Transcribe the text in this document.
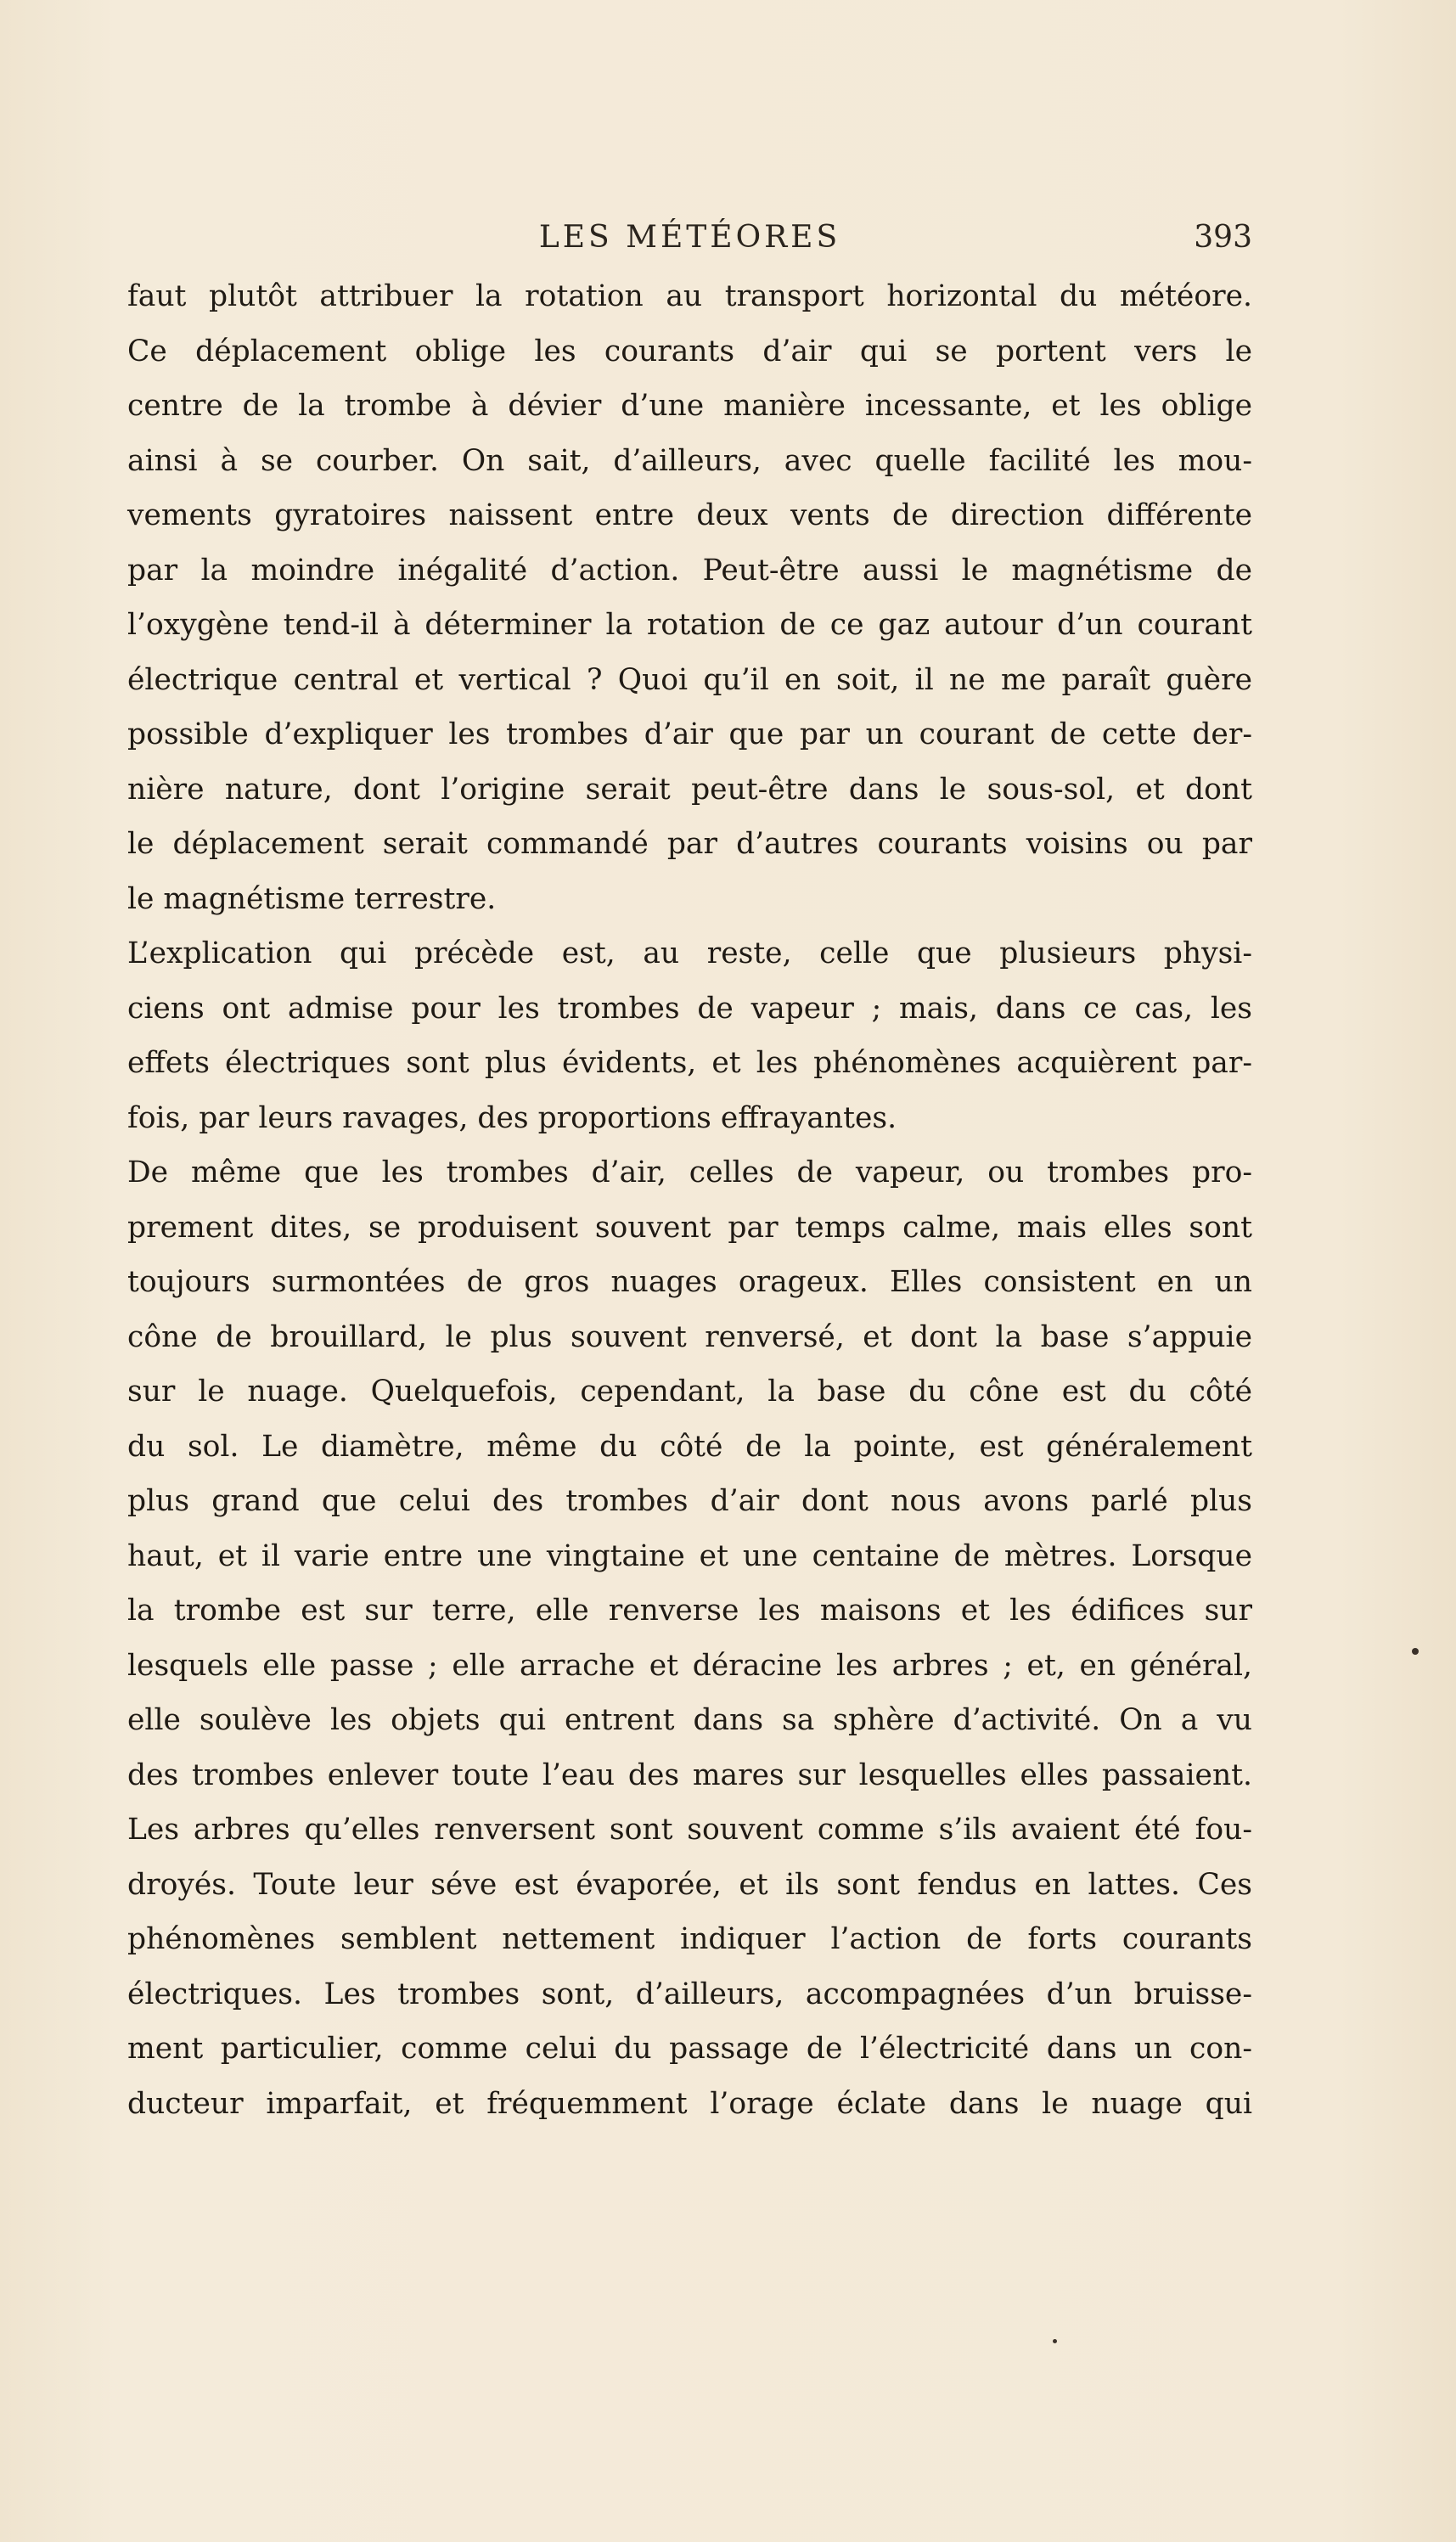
LES MÉTÉORES	393

faut plutôt attribuer la rotation au transport horizontal du météore.

Ce déplacement oblige les courants d’air qui se portent vers le

centre de la trombe à dévier d’une manière incessante, et les oblige

ainsi à se courber. On sait, d’ailleurs, avec quelle facilité les mou-

vements gyratoires naissent entre deux vents de direction différente

par la moindre inégalité d’action. Peut-être aussi le magnétisme de

l’oxygène tend-il à déterminer la rotation de ce gaz autour d’un courant

électrique central et vertical ? Quoi qu’il en soit, il ne me paraît guère

possible d’expliquer les trombes d’air que par un courant de cette der-

nière nature, dont l’origine serait peut-être dans le sous-sol, et dont

le déplacement serait commandé par d’autres courants voisins ou par

le magnétisme terrestre.

L’explication qui précède est, au reste, celle que plusieurs physi-

ciens ont admise pour les trombes de vapeur ; mais, dans ce cas, les

effets électriques sont plus évidents, et les phénomènes acquièrent par-

fois, par leurs ravages, des proportions effrayantes.

De même que les trombes d’air, celles de vapeur, ou trombes pro-

prement dites, se produisent souvent par temps calme, mais elles sont

toujours surmontées de gros nuages orageux. Elles consistent en un

cône de brouillard, le plus souvent renversé, et dont la base s’appuie

sur le nuage. Quelquefois, cependant, la base du cône est du côté

du sol. Le diamètre, même du côté de la pointe, est généralement

plus grand que celui des trombes d’air dont nous avons parlé plus

haut, et il varie entre une vingtaine et une centaine de mètres. Lorsque

la trombe est sur terre, elle renverse les maisons et les édifices sur

lesquels elle passe ; elle arrache et déracine les arbres ; et, en général,

elle soulève les objets qui entrent dans sa sphère d’activité. On a vu

des trombes enlever toute l’eau des mares sur lesquelles elles passaient.

Les arbres qu’elles renversent sont souvent comme s’ils avaient été fou-

droyés. Toute leur séve est évaporée, et ils sont fendus en lattes. Ces

phénomènes semblent nettement indiquer l’action de forts courants

électriques. Les trombes sont, d’ailleurs, accompagnées d’un bruisse-

ment particulier, comme celui du passage de l’électricité dans un con-

ducteur imparfait, et fréquemment l’orage éclate dans le nuage qui
